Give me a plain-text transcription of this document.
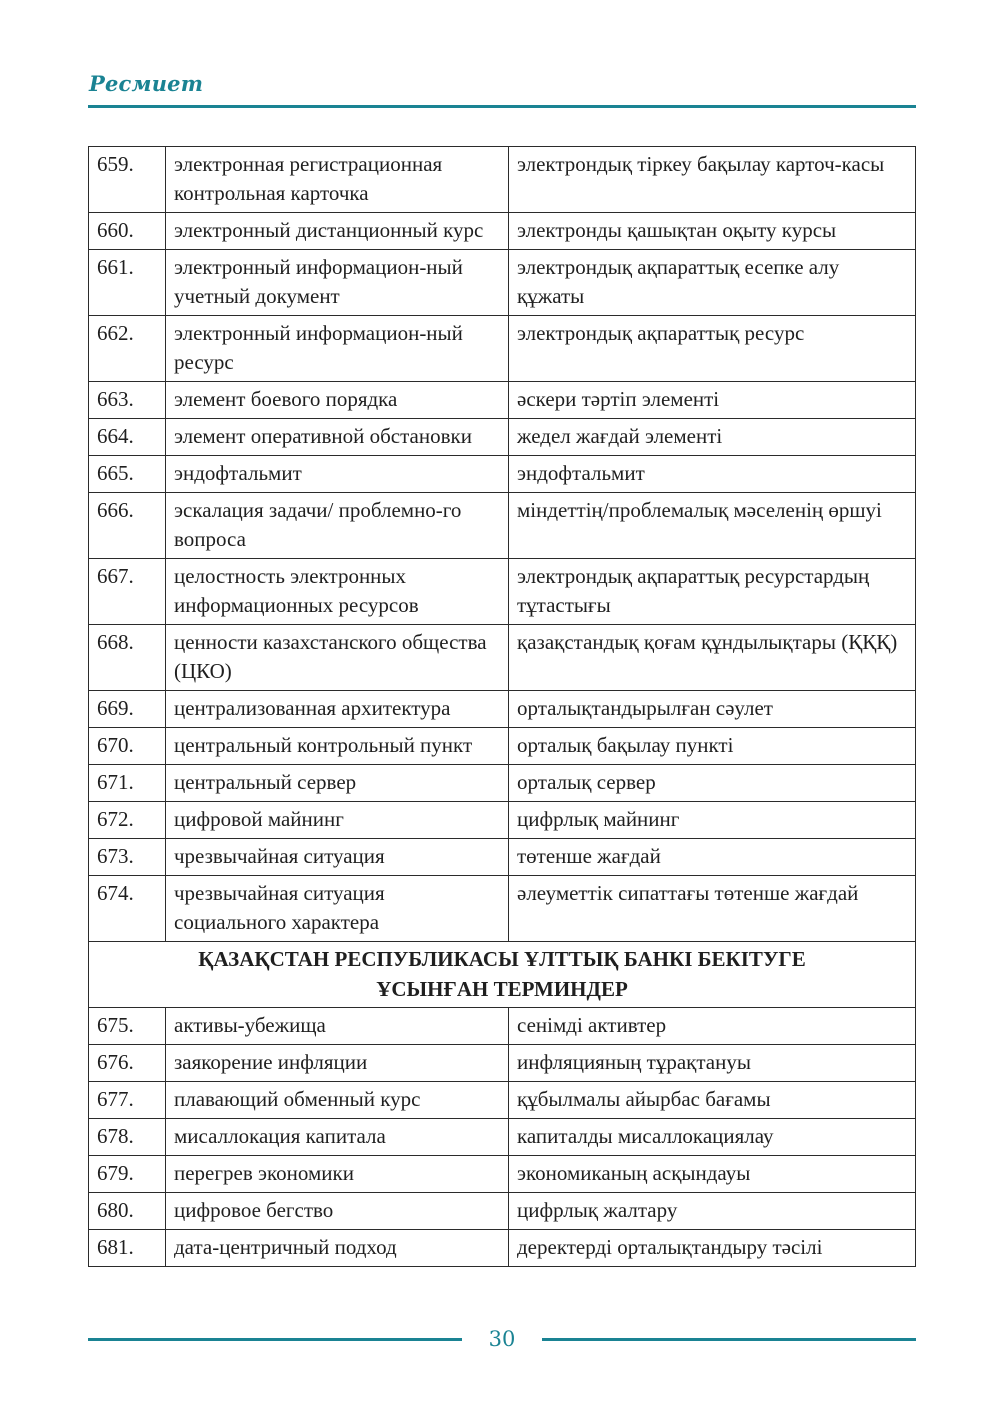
Ресмиет
659.	электронная регистрационная контрольная карточка	электрондық тіркеу бақылау карточ-касы
660.	электронный дистанционный курс	электронды қашықтан оқыту курсы
661.	электронный информацион-ный учетный документ	электрондық ақпараттық есепке алу құжаты
662.	электронный информацион-ный ресурс	электрондық ақпараттық ресурс
663.	элемент боевого порядка	әскери тәртіп элементі
664.	элемент оперативной обстановки	жедел жағдай элементі
665.	эндофтальмит	эндофтальмит
666.	эскалация задачи/ проблемно-го вопроса	міндеттің/проблемалық мәселенің өршуі
667.	целостность электронных информационных ресурсов	электрондық ақпараттық ресурстардың тұтастығы
668.	ценности казахстанского общества (ЦКО)	қазақстандық қоғам құндылықтары (ҚҚҚ)
669.	централизованная архитектура	орталықтандырылған сәулет
670.	центральный контрольный пункт	орталық бақылау пункті
671.	центральный сервер	орталық сервер
672.	цифровой майнинг	цифрлық майнинг
673.	чрезвычайная ситуация	төтенше жағдай
674.	чрезвычайная ситуация социального характера	әлеуметтік сипаттағы төтенше жағдай

ҚАЗАҚСТАН РЕСПУБЛИКАСЫ ҰЛТТЫҚ БАНКІ БЕКІТУГЕ
ҰСЫНҒАН ТЕРМИНДЕР		

675.	активы-убежища	сенімді активтер
676.	заякорение инфляции	инфляцияның тұрақтануы
677.	плавающий обменный курс	құбылмалы айырбас бағамы
678.	мисаллокация капитала	капиталды мисаллокациялау
679.	перегрев экономики	экономиканың асқындауы
680.	цифровое бегство	цифрлық жалтару
681.	дата-центричный подход	деректерді орталықтандыру тәсілі
30
